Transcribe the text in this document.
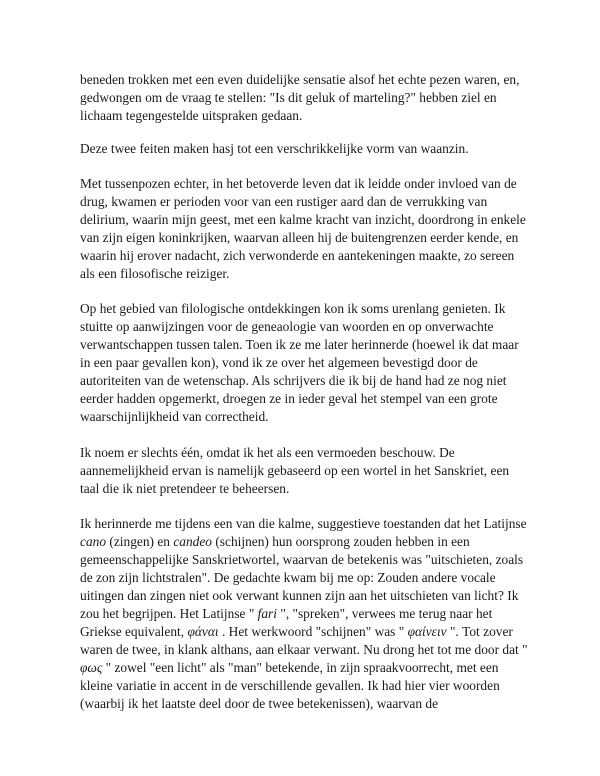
beneden trokken met een even duidelijke sensatie alsof het echte pezen waren, en, gedwongen om de vraag te stellen: "Is dit geluk of marteling?" hebben ziel en lichaam tegengestelde uitspraken gedaan.

Deze twee feiten maken hasj tot een verschrikkelijke vorm van waanzin.

Met tussenpozen echter, in het betoverde leven dat ik leidde onder invloed van de drug, kwamen er perioden voor van een rustiger aard dan de verrukking van delirium, waarin mijn geest, met een kalme kracht van inzicht, doordrong in enkele van zijn eigen koninkrijken, waarvan alleen hij de buitengrenzen eerder kende, en waarin hij erover nadacht, zich verwonderde en aantekeningen maakte, zo sereen als een filosofische reiziger.

Op het gebied van filologische ontdekkingen kon ik soms urenlang genieten. Ik stuitte op aanwijzingen voor de geneaologie van woorden en op onverwachte verwantschappen tussen talen. Toen ik ze me later herinnerde (hoewel ik dat maar in een paar gevallen kon), vond ik ze over het algemeen bevestigd door de autoriteiten van de wetenschap. Als schrijvers die ik bij de hand had ze nog niet eerder hadden opgemerkt, droegen ze in ieder geval het stempel van een grote waarschijnlijkheid van correctheid.

Ik noem er slechts één, omdat ik het als een vermoeden beschouw. De aannemelijkheid ervan is namelijk gebaseerd op een wortel in het Sanskriet, een taal die ik niet pretendeer te beheersen.

Ik herinnerde me tijdens een van die kalme, suggestieve toestanden dat het Latijnse cano (zingen) en candeo (schijnen) hun oorsprong zouden hebben in een gemeenschappelijke Sanskrietwortel, waarvan de betekenis was "uitschieten, zoals de zon zijn lichtstralen". De gedachte kwam bij me op: Zouden andere vocale uitingen dan zingen niet ook verwant kunnen zijn aan het uitschieten van licht? Ik zou het begrijpen. Het Latijnse " fari ", "spreken", verwees me terug naar het Griekse equivalent, φάναι . Het werkwoord "schijnen" was " φαίνειν ". Tot zover waren de twee, in klank althans, aan elkaar verwant. Nu drong het tot me door dat " φως " zowel "een licht" als "man" betekende, in zijn spraakvoorrecht, met een kleine variatie in accent in de verschillende gevallen. Ik had hier vier woorden (waarbij ik het laatste deel door de twee betekenissen), waarvan de
